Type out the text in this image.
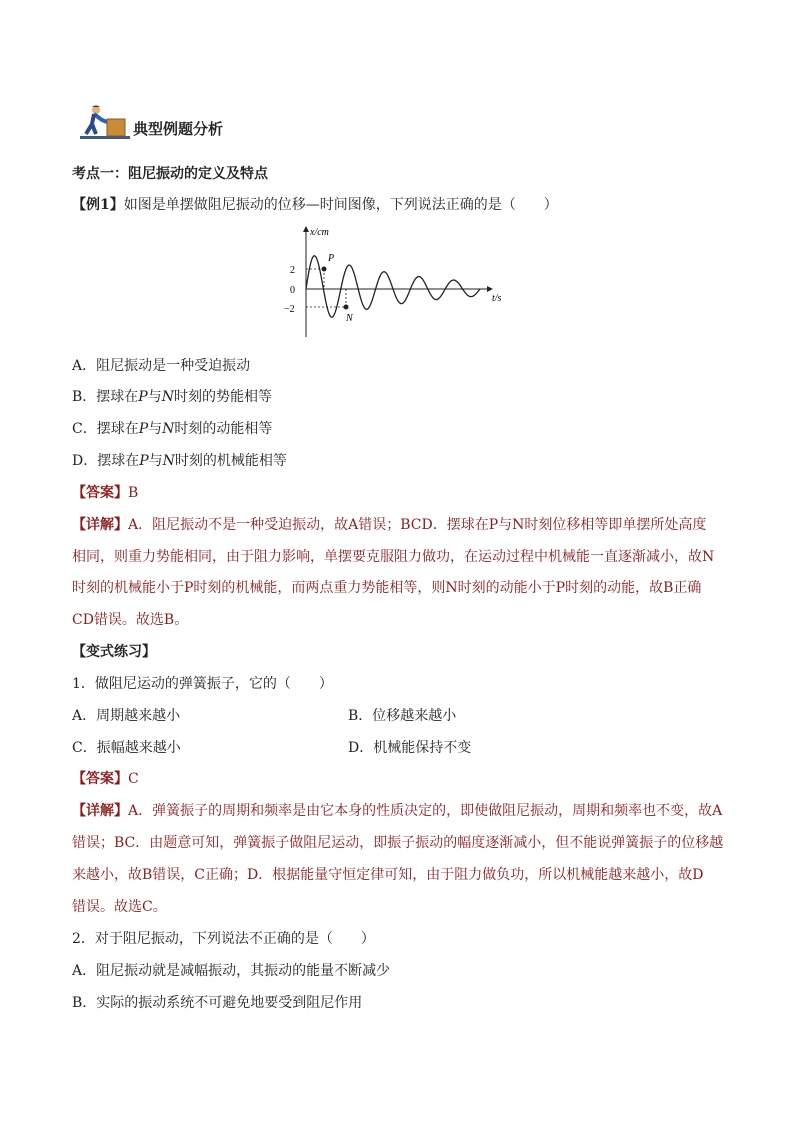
典型例题分析
考点一：阻尼振动的定义及特点
【例1】如图是单摆做阻尼振动的位移—时间图像，下列说法正确的是（　　）
x/cm
t/s
2
0
−2
P
N
A．阻尼振动是一种受迫振动
B．摆球在P与N时刻的势能相等
C．摆球在P与N时刻的动能相等
D．摆球在P与N时刻的机械能相等
【答案】B
【详解】A．阻尼振动不是一种受迫振动，故A错误；BCD．摆球在P与N时刻位移相等即单摆所处高度
相同，则重力势能相同，由于阻力影响，单摆要克服阻力做功，在运动过程中机械能一直逐渐减小，故N
时刻的机械能小于P时刻的机械能，而两点重力势能相等，则N时刻的动能小于P时刻的动能，故B正确
CD错误。故选B。
【变式练习】
1．做阻尼运动的弹簧振子，它的（　　）
A．周期越来越小	B．位移越来越小
C．振幅越来越小	D．机械能保持不变
【答案】C
【详解】A．弹簧振子的周期和频率是由它本身的性质决定的，即使做阻尼振动，周期和频率也不变，故A
错误；BC．由题意可知，弹簧振子做阻尼运动，即振子振动的幅度逐渐减小，但不能说弹簧振子的位移越
来越小，故B错误，C正确；D．根据能量守恒定律可知，由于阻力做负功，所以机械能越来越小，故D
错误。故选C。
2．对于阻尼振动，下列说法不正确的是（　　）
A．阻尼振动就是减幅振动，其振动的能量不断减少
B．实际的振动系统不可避免地要受到阻尼作用
